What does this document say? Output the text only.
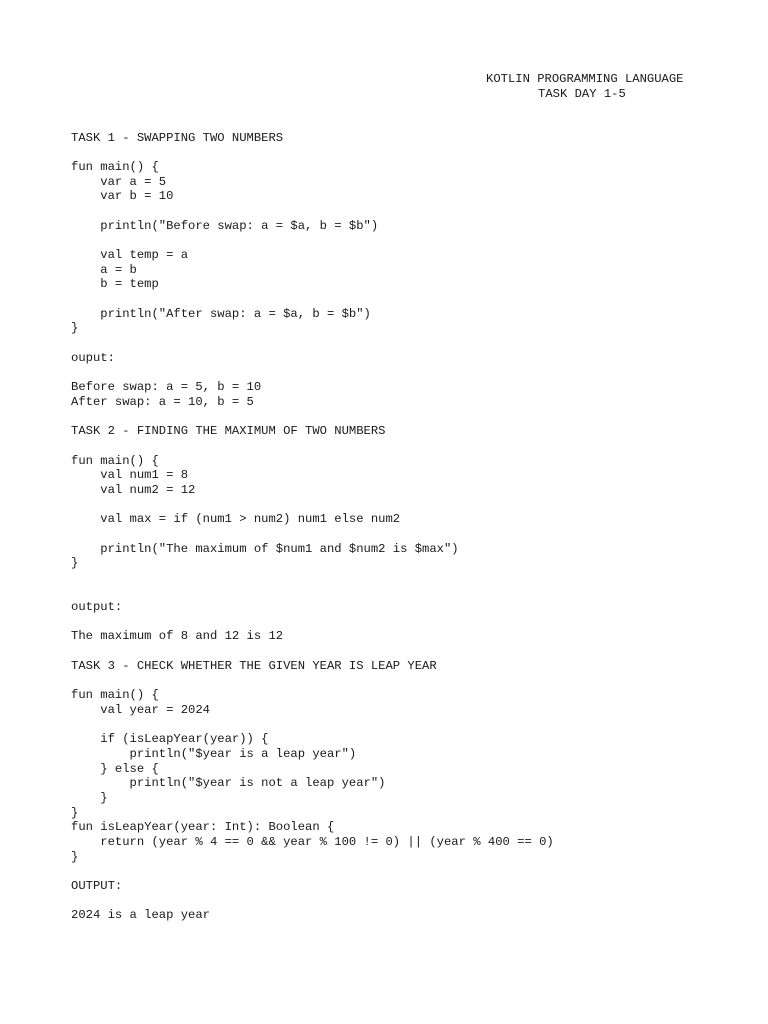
KOTLIN PROGRAMMING LANGUAGE
TASK DAY 1-5
TASK 1 - SWAPPING TWO NUMBERS
fun main() {
var a = 5
var b = 10
println("Before swap: a = $a, b = $b")
val temp = a
a = b
b = temp
println("After swap: a = $a, b = $b")
}
ouput:
Before swap: a = 5, b = 10
After swap: a = 10, b = 5
TASK 2 - FINDING THE MAXIMUM OF TWO NUMBERS
fun main() {
val num1 = 8
val num2 = 12
val max = if (num1 > num2) num1 else num2
println("The maximum of $num1 and $num2 is $max")
}
output:
The maximum of 8 and 12 is 12
TASK 3 - CHECK WHETHER THE GIVEN YEAR IS LEAP YEAR
fun main() {
val year = 2024
if (isLeapYear(year)) {
println("$year is a leap year")
} else {
println("$year is not a leap year")
}
}
fun isLeapYear(year: Int): Boolean {
return (year % 4 == 0 && year % 100 != 0) || (year % 400 == 0)
}
OUTPUT:
2024 is a leap year
